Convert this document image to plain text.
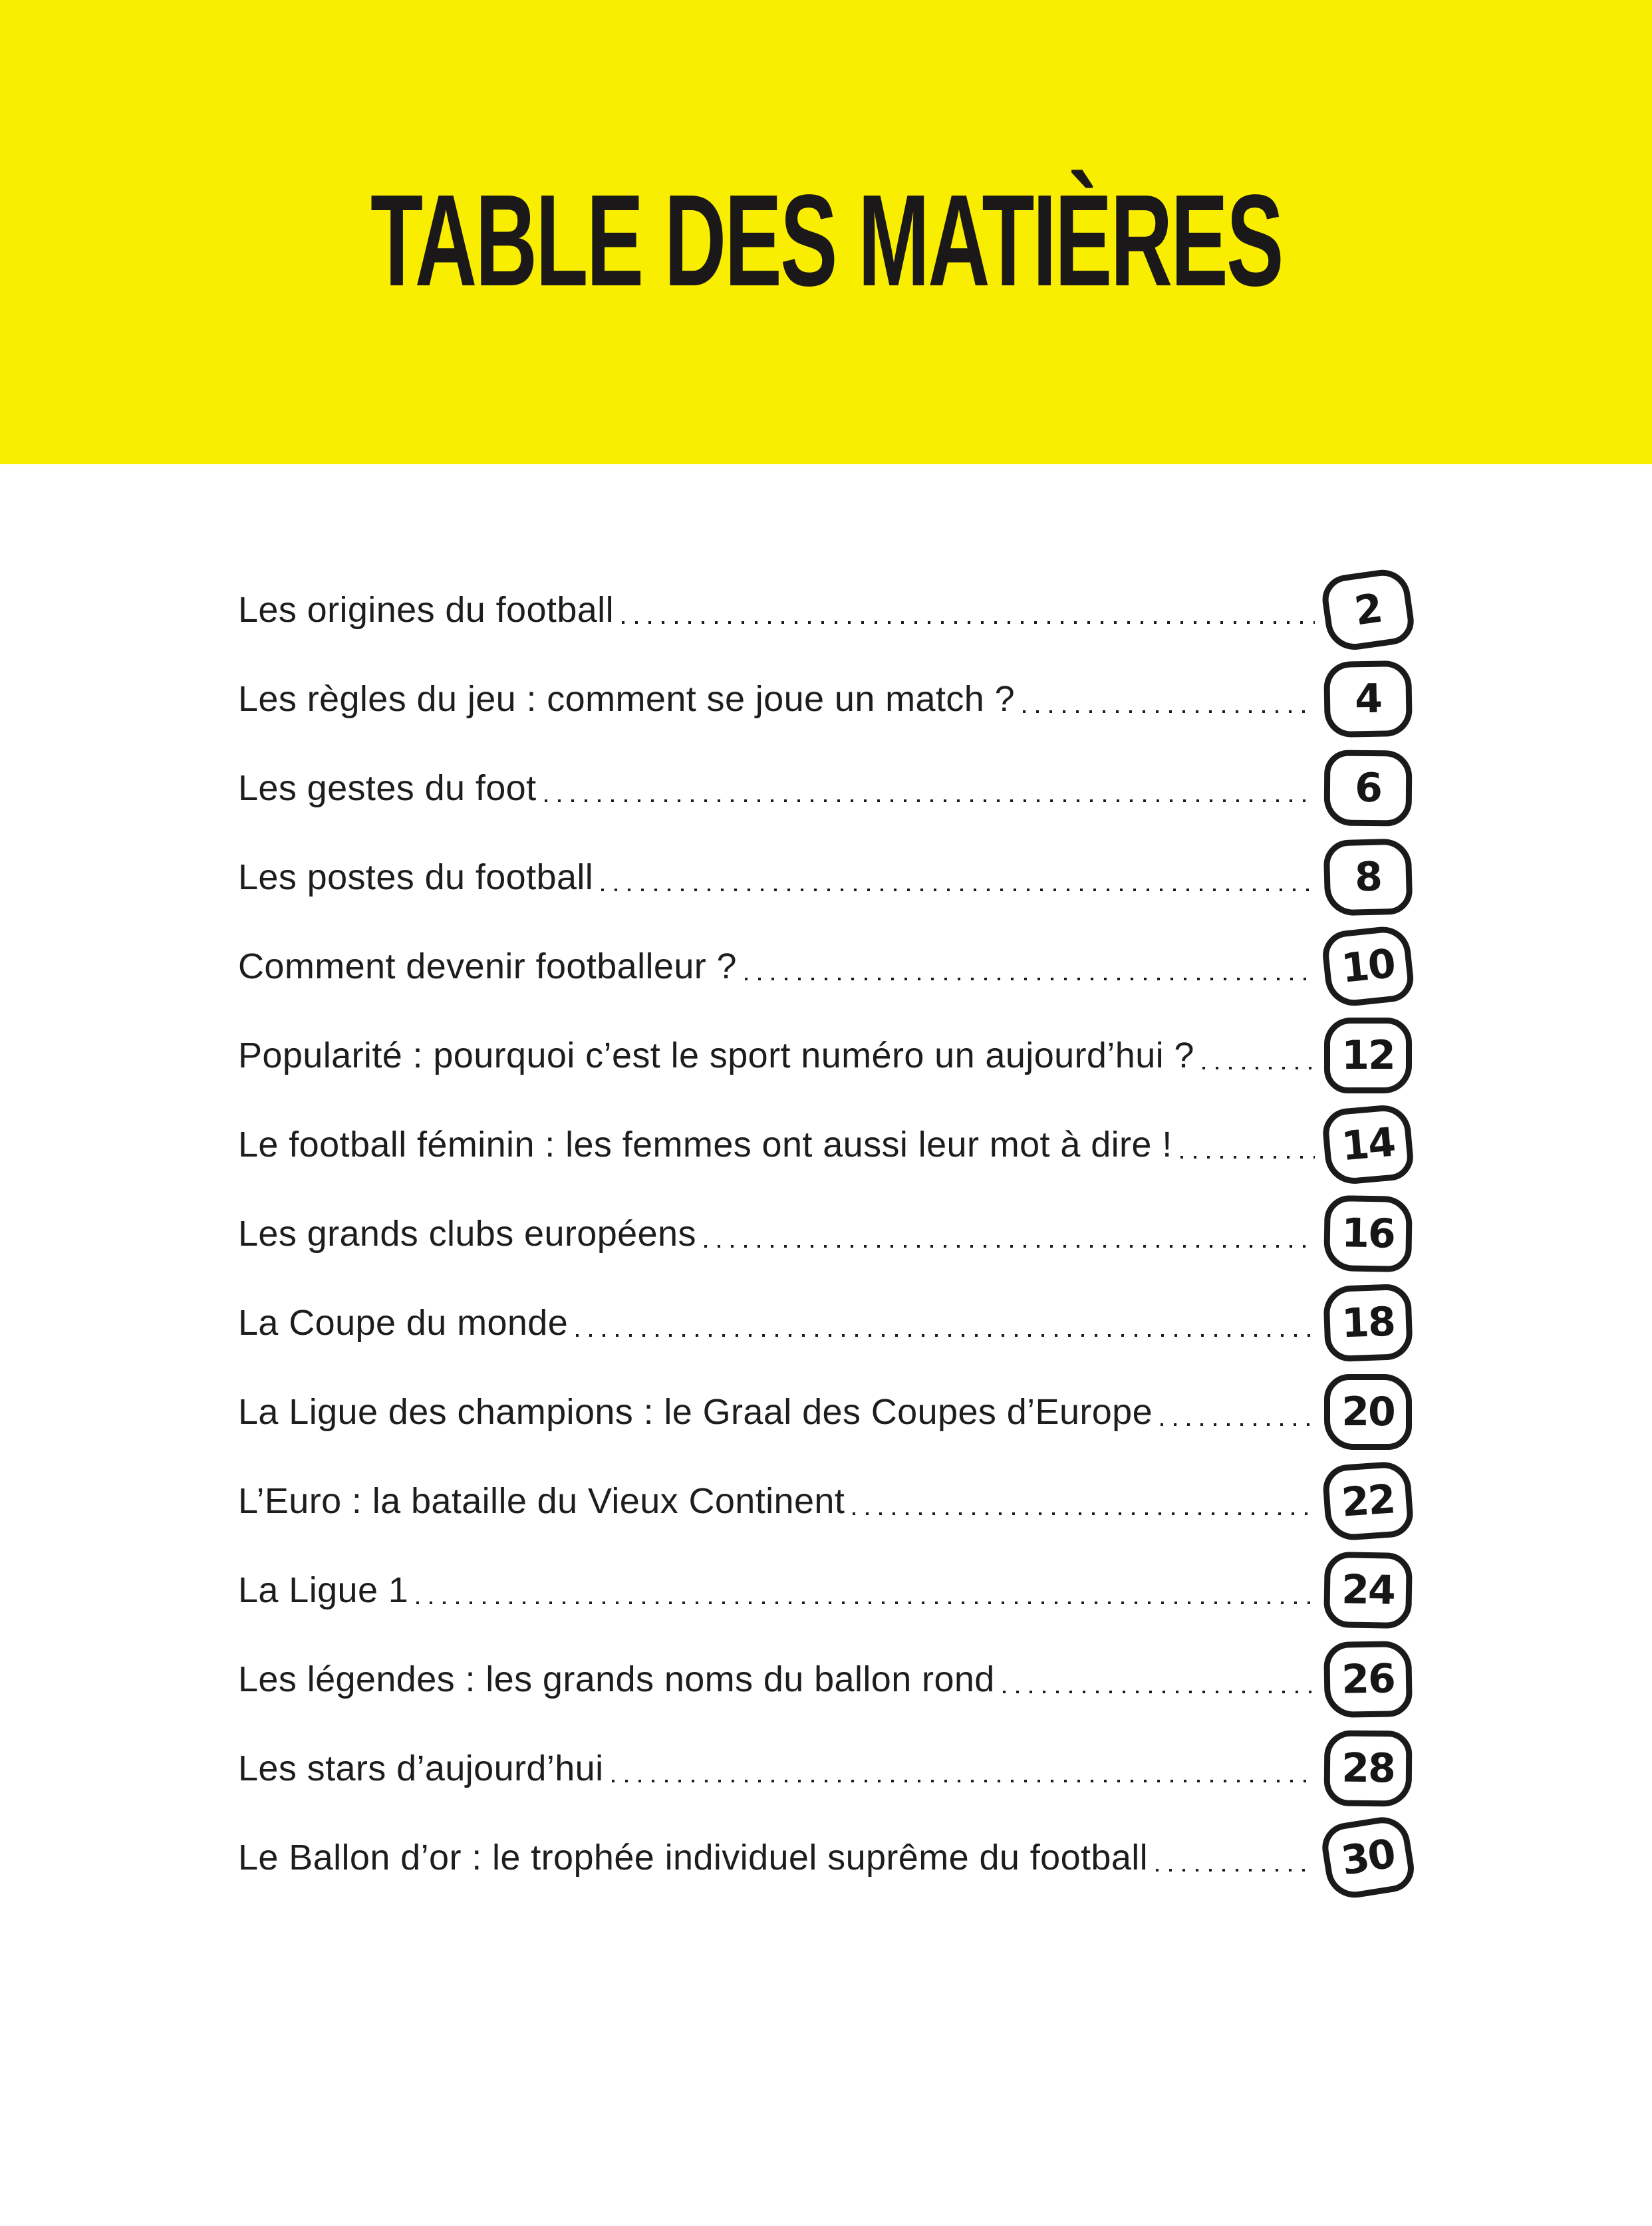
TABLE DES MATIÈRES
Les origines du football	2
Les règles du jeu : comment se joue un match ?	4
Les gestes du foot	6
Les postes du football	8
Comment devenir footballeur ?	10
Popularité : pourquoi c’est le sport numéro un aujourd’hui ?	12
Le football féminin : les femmes ont aussi leur mot à dire !	14
Les grands clubs européens	16
La Coupe du monde	18
La Ligue des champions : le Graal des Coupes d’Europe	20
L’Euro : la bataille du Vieux Continent	22
La Ligue 1	24
Les légendes : les grands noms du ballon rond	26
Les stars d’aujourd’hui	28
Le Ballon d’or : le trophée individuel suprême du football	30
